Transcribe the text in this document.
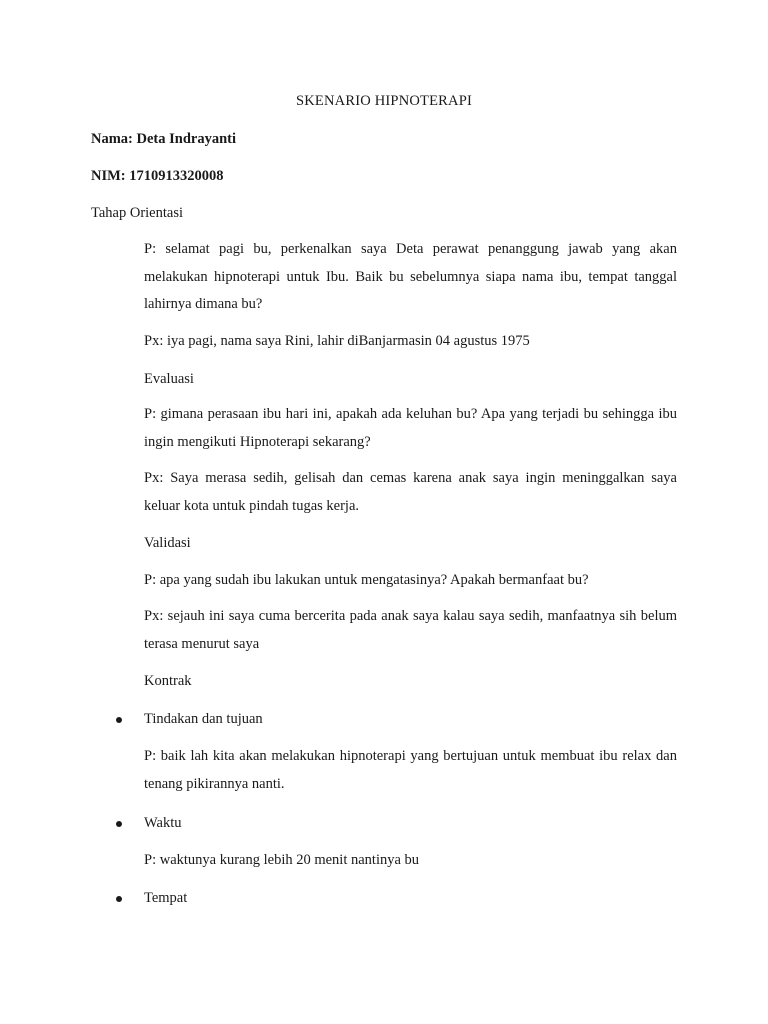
SKENARIO HIPNOTERAPI
Nama: Deta Indrayanti
NIM: 1710913320008
Tahap Orientasi
P: selamat pagi bu, perkenalkan saya Deta perawat penanggung jawab yang akan melakukan hipnoterapi untuk Ibu. Baik bu sebelumnya siapa nama ibu, tempat tanggal lahirnya dimana bu?
Px: iya pagi, nama saya Rini, lahir diBanjarmasin 04 agustus 1975
Evaluasi
P: gimana perasaan ibu hari ini, apakah ada keluhan bu? Apa yang terjadi bu sehingga ibu ingin mengikuti Hipnoterapi sekarang?
Px: Saya merasa sedih, gelisah dan cemas karena anak saya ingin meninggalkan saya keluar kota untuk pindah tugas kerja.
Validasi
P: apa yang sudah ibu lakukan untuk mengatasinya? Apakah bermanfaat bu?
Px: sejauh ini saya cuma bercerita pada anak saya kalau saya sedih, manfaatnya sih belum terasa menurut saya
Kontrak
Tindakan dan tujuan
P: baik lah kita akan melakukan hipnoterapi yang bertujuan untuk membuat ibu relax dan tenang pikirannya nanti.
Waktu
P: waktunya kurang lebih 20 menit nantinya bu
Tempat
